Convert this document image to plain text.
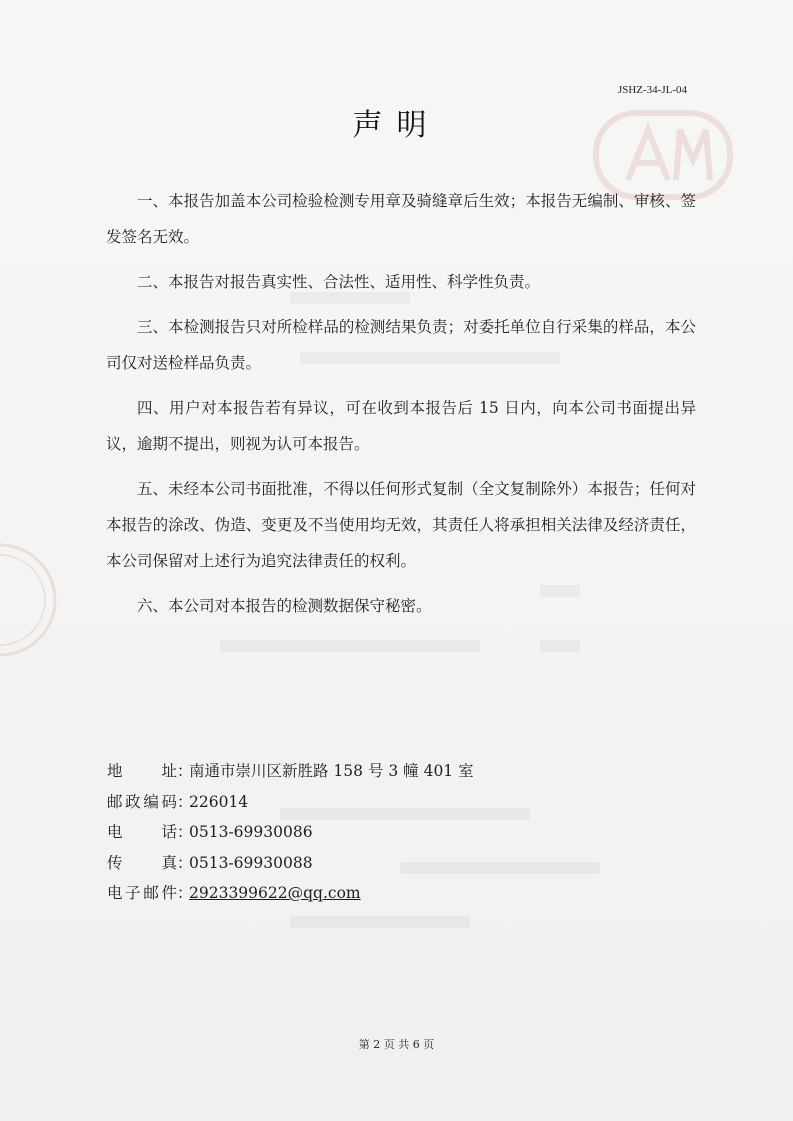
JSHZ-34-JL-04
声明

一、本报告加盖本公司检验检测专用章及骑缝章后生效；本报告无编制、审核、签发签名无效。

二、本报告对报告真实性、合法性、适用性、科学性负责。

三、本检测报告只对所检样品的检测结果负责；对委托单位自行采集的样品，本公司仅对送检样品负责。

四、用户对本报告若有异议，可在收到本报告后 15 日内，向本公司书面提出异议，逾期不提出，则视为认可本报告。

五、未经本公司书面批准，不得以任何形式复制（全文复制除外）本报告；任何对本报告的涂改、伪造、变更及不当使用均无效，其责任人将承担相关法律及经济责任，本公司保留对上述行为追究法律责任的权利。

六、本公司对本报告的检测数据保守秘密。

地址 ：
南通市崇川区新胜路 158 号 3 幢 401 室
邮政编码 ：
226014
电话 ：
0513-69930086
传真 ：
0513-69930088
电子邮件 ：
2923399622@qq.com
第 2 页 共 6 页
